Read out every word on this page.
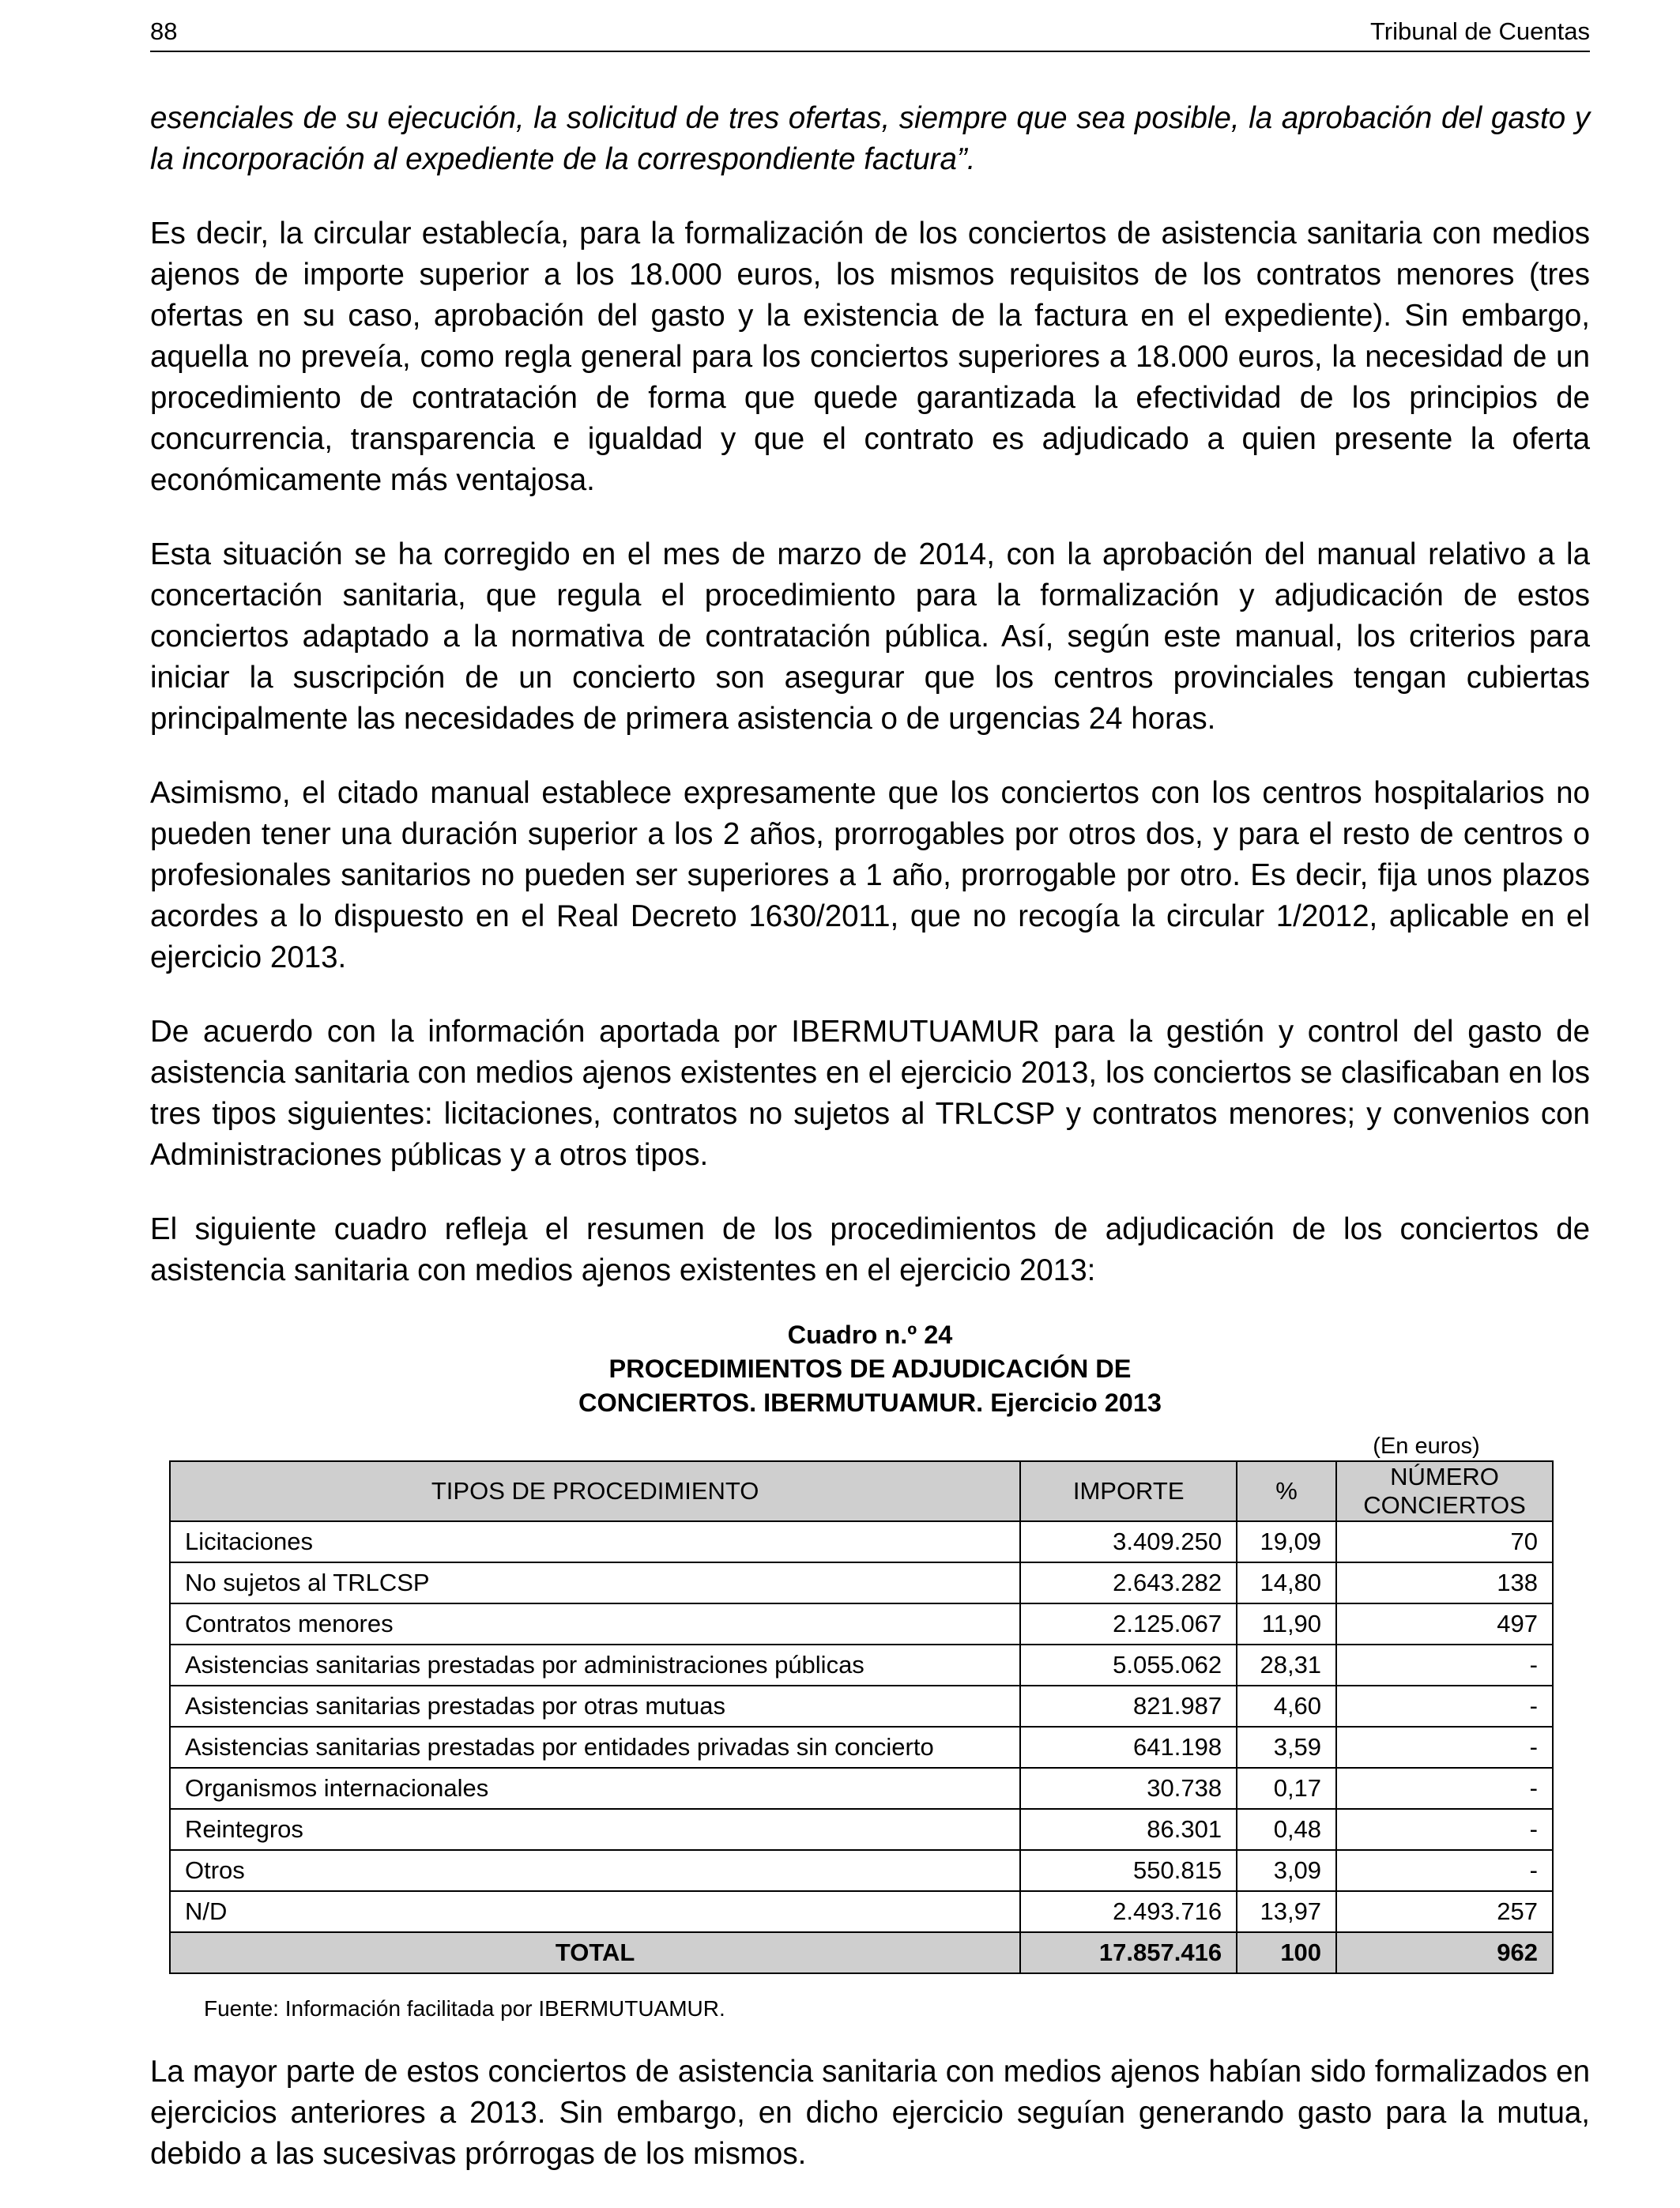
88	Tribunal de Cuentas

esenciales de su ejecución, la solicitud de tres ofertas, siempre que sea posible, la aprobación del gasto y la incorporación al expediente de la correspondiente factura”.

Es decir, la circular establecía, para la formalización de los conciertos de asistencia sanitaria con medios ajenos de importe superior a los 18.000 euros, los mismos requisitos de los contratos menores (tres ofertas en su caso, aprobación del gasto y la existencia de la factura en el expediente). Sin embargo, aquella no preveía, como regla general para los conciertos superiores a 18.000 euros, la necesidad de un procedimiento de contratación de forma que quede garantizada la efectividad de los principios de concurrencia, transparencia e igualdad y que el contrato es adjudicado a quien presente la oferta económicamente más ventajosa.

Esta situación se ha corregido en el mes de marzo de 2014, con la aprobación del manual relativo a la concertación sanitaria, que regula el procedimiento para la formalización y adjudicación de estos conciertos adaptado a la normativa de contratación pública. Así, según este manual, los criterios para iniciar la suscripción de un concierto son asegurar que los centros provinciales tengan cubiertas principalmente las necesidades de primera asistencia o de urgencias 24 horas.

Asimismo, el citado manual establece expresamente que los conciertos con los centros hospitalarios no pueden tener una duración superior a los 2 años, prorrogables por otros dos, y para el resto de centros o profesionales sanitarios no pueden ser superiores a 1 año, prorrogable por otro. Es decir, fija unos plazos acordes a lo dispuesto en el Real Decreto 1630/2011, que no recogía la circular 1/2012, aplicable en el ejercicio 2013.

De acuerdo con la información aportada por IBERMUTUAMUR para la gestión y control del gasto de asistencia sanitaria con medios ajenos existentes en el ejercicio 2013, los conciertos se clasificaban en los tres tipos siguientes: licitaciones, contratos no sujetos al TRLCSP y contratos menores; y convenios con Administraciones públicas y a otros tipos.

El siguiente cuadro refleja el resumen de los procedimientos de adjudicación de los conciertos de asistencia sanitaria con medios ajenos existentes en el ejercicio 2013:

Cuadro n.º 24
PROCEDIMIENTOS DE ADJUDICACIÓN DE
CONCIERTOS. IBERMUTUAMUR. Ejercicio 2013
(En euros)
TIPOS DE PROCEDIMIENTO	IMPORTE	%	NÚMERO
CONCIERTOS

Licitaciones	3.409.250	19,09	70
No sujetos al TRLCSP	2.643.282	14,80	138
Contratos menores	2.125.067	11,90	497
Asistencias sanitarias prestadas por administraciones públicas	5.055.062	28,31	-
Asistencias sanitarias prestadas por otras mutuas	821.987	4,60	-
Asistencias sanitarias prestadas por entidades privadas sin concierto	641.198	3,59	-
Organismos internacionales	30.738	0,17	-
Reintegros	86.301	0,48	-
Otros	550.815	3,09	-
N/D	2.493.716	13,97	257
TOTAL	17.857.416	100	962
Fuente: Información facilitada por IBERMUTUAMUR.

La mayor parte de estos conciertos de asistencia sanitaria con medios ajenos habían sido formalizados en ejercicios anteriores a 2013. Sin embargo, en dicho ejercicio seguían generando gasto para la mutua, debido a las sucesivas prórrogas de los mismos.
